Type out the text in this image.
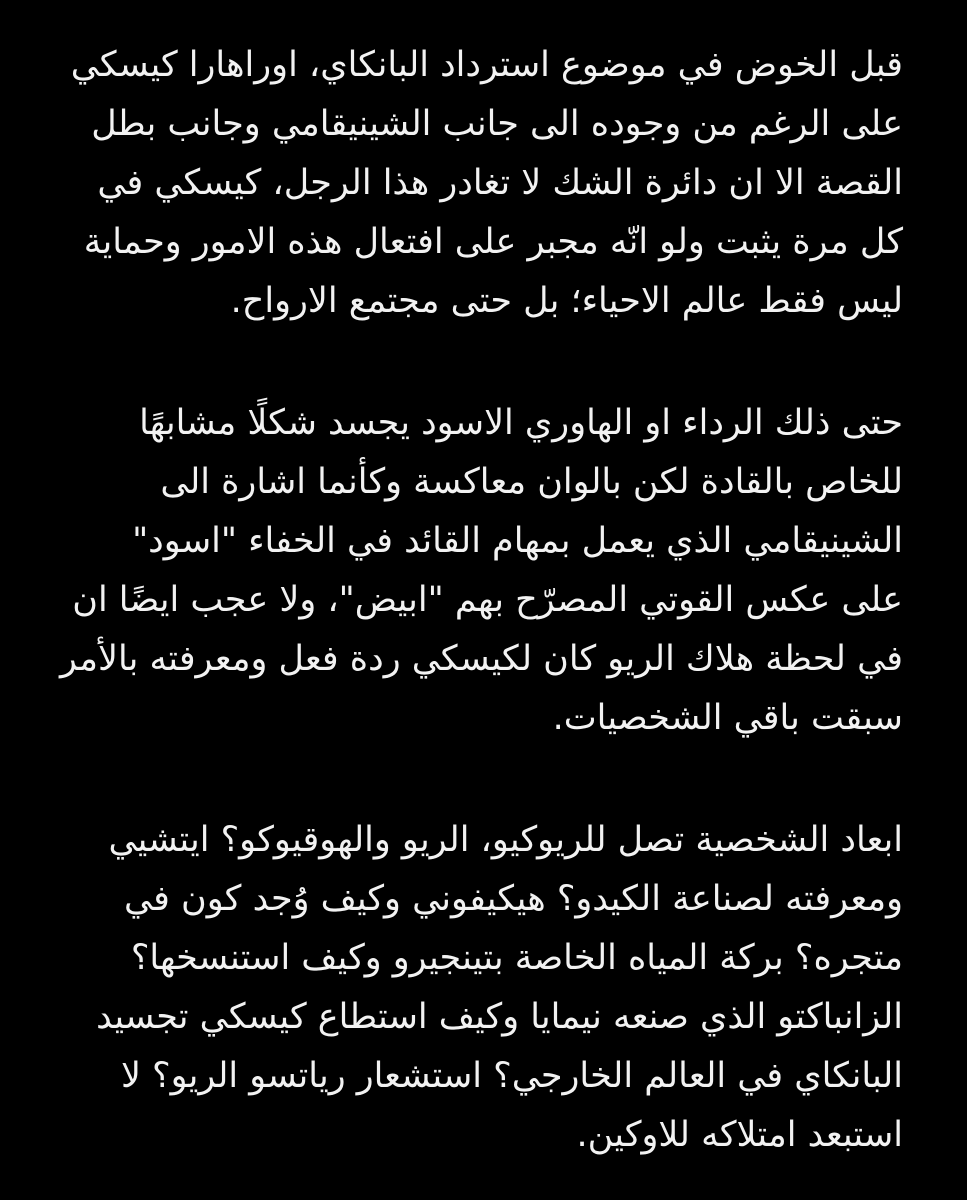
قبل الخوض في موضوع استرداد البانكاي، اوراهارا كيسكي
على الرغم من وجوده الى جانب الشينيقامي وجانب بطل
القصة الا ان دائرة الشك لا تغادر هذا الرجل، كيسكي في
كل مرة يثبت ولو انّه مجبر على افتعال هذه الامور وحماية
ليس فقط عالم الاحياء؛ بل حتى مجتمع الارواح.

حتى ذلك الرداء او الهاوري الاسود يجسد شكلًا مشابهًا
للخاص بالقادة لكن بالوان معاكسة وكأنما اشارة الى
الشينيقامي الذي يعمل بمهام القائد في الخفاء "اسود"
على عكس القوتي المصرّح بهم "ابيض"، ولا عجب ايضًا ان
في لحظة هلاك الريو كان لكيسكي ردة فعل ومعرفته بالأمر
سبقت باقي الشخصيات.

ابعاد الشخصية تصل للريوكيو، الريو والهوقيوكو؟ ايتشيي
ومعرفته لصناعة الكيدو؟ هيكيفوني وكيف وُجد كون في
متجره؟ بركة المياه الخاصة بتينجيرو وكيف استنسخها؟
الزانباكتو الذي صنعه نيمايا وكيف استطاع كيسكي تجسيد
البانكاي في العالم الخارجي؟ استشعار رياتسو الريو؟ لا
استبعد امتلاكه للاوكين.
